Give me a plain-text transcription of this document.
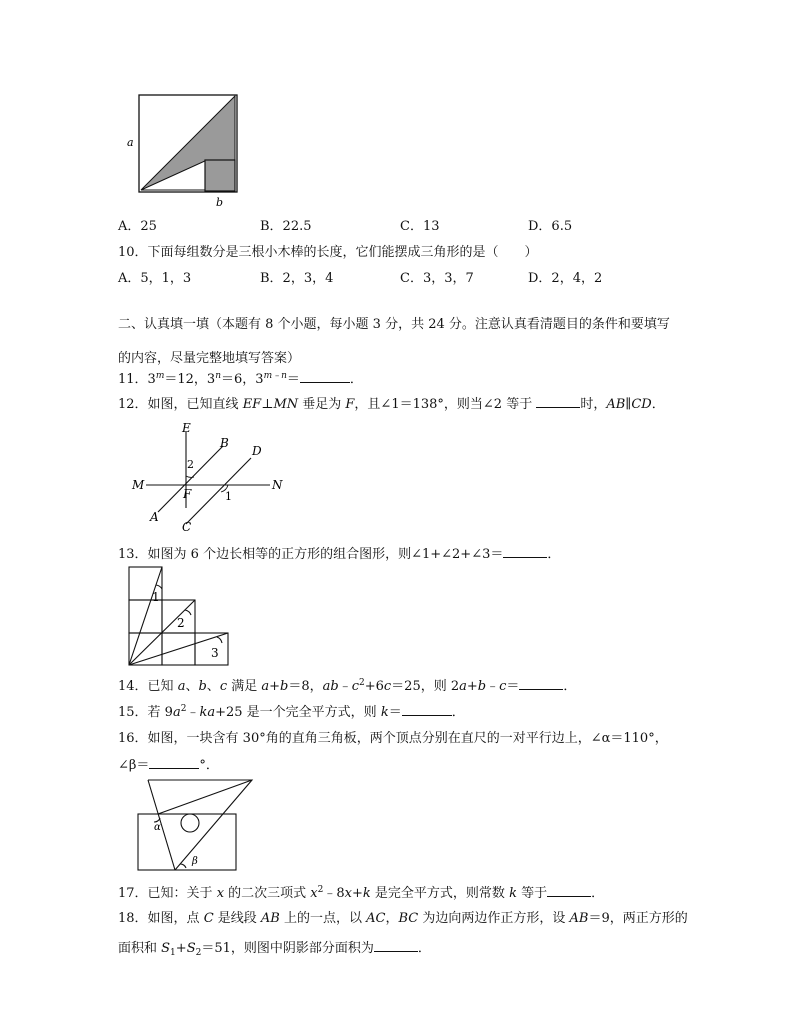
a
b
A．25	B．22.5	C．13	D．6.5
10．下面每组数分是三根小木棒的长度，它们能摆成三角形的是（　　）
A．5，1，3	B．2，3，4	C．3，3，7	D．2，4，2
二、认真填一填（本题有 8 个小题，每小题 3 分，共 24 分。注意认真看清题目的条件和要填写
的内容，尽量完整地填写答案）
11．$3^m=12$，$3^n=6$，$3^{m﹣n}=$	．
12．如图，已知直线 EF⊥MN 垂足为 F，且∠1＝138°，则当∠2 等于	时，AB∥CD．
E
B
D
2
M	N
F	1
A
C
13．如图为 6 个边长相等的正方形的组合图形，则∠1+∠2+∠3＝	．
1
2
3
14．已知 a、b、c 满足 a+b＝8，$ab﹣c^2+6c=25$，则 2a+b﹣c＝	．
15．若 $9a^2﹣ka+25$ 是一个完全平方式，则 k＝	．
16．如图，一块含有 30°角的直角三角板，两个顶点分别在直尺的一对平行边上，∠α＝110°，
∠β＝	°．
α
β
17．已知：关于 x 的二次三项式 $x^2﹣8x+k$ 是完全平方式，则常数 k 等于	．
18．如图，点 C 是线段 AB 上的一点，以 AC，BC 为边向两边作正方形，设 AB＝9，两正方形的
面积和 $S_1+S_2=51$，则图中阴影部分面积为	．
